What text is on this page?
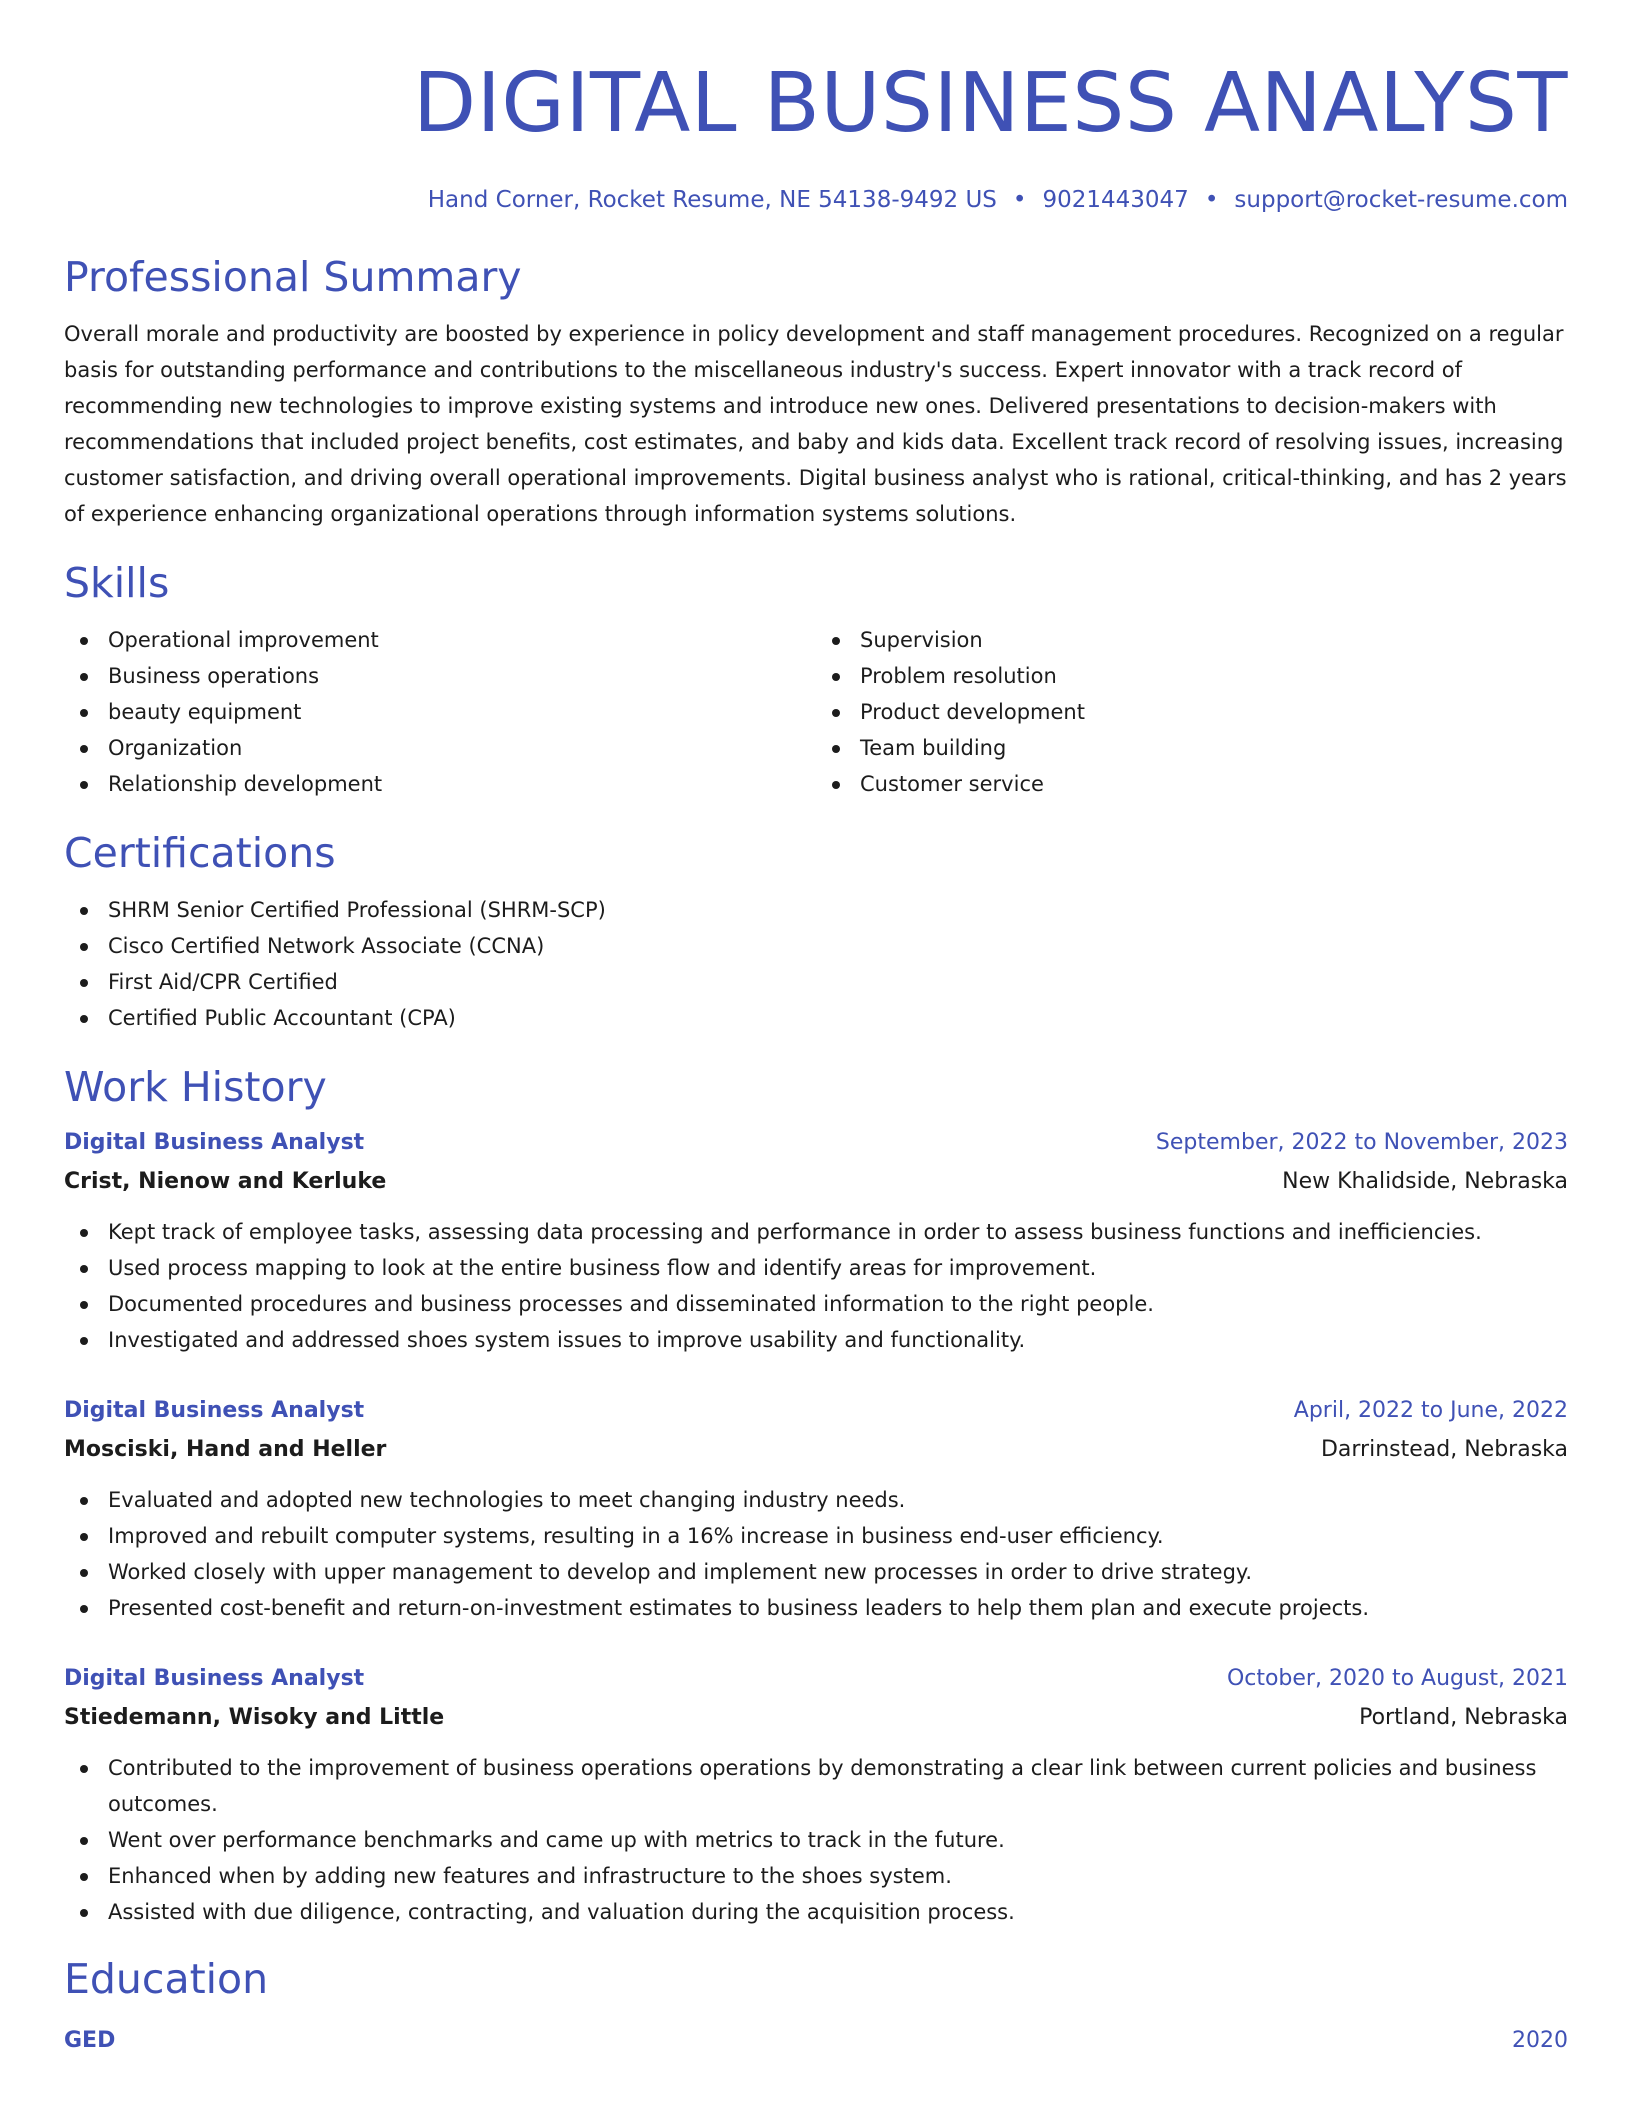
DIGITAL BUSINESS ANALYST
Hand Corner, Rocket Resume, NE 54138-9492 US • 9021443047 • support@rocket-resume.com
Professional Summary

Overall morale and productivity are boosted by experience in policy development and staff management procedures. Recognized on a regular basis for outstanding performance and contributions to the miscellaneous industry's success. Expert innovator with a track record of recommending new technologies to improve existing systems and introduce new ones. Delivered presentations to decision-makers with recommendations that included project benefits, cost estimates, and baby and kids data. Excellent track record of resolving issues, increasing customer satisfaction, and driving overall operational improvements. Digital business analyst who is rational, critical-thinking, and has 2 years of experience enhancing organizational operations through information systems solutions.

Skills
Operational improvement
Business operations
beauty equipment
Organization
Relationship development
Supervision
Problem resolution
Product development
Team building
Customer service
Certifications
SHRM Senior Certified Professional (SHRM-SCP)
Cisco Certified Network Associate (CCNA)
First Aid/CPR Certified
Certified Public Accountant (CPA)
Work History
Digital Business Analyst	September, 2022 to November, 2023
Crist, Nienow and Kerluke	New Khalidside, Nebraska
Kept track of employee tasks, assessing data processing and performance in order to assess business functions and inefficiencies.
Used process mapping to look at the entire business flow and identify areas for improvement.
Documented procedures and business processes and disseminated information to the right people.
Investigated and addressed shoes system issues to improve usability and functionality.
Digital Business Analyst	April, 2022 to June, 2022
Mosciski, Hand and Heller	Darrinstead, Nebraska
Evaluated and adopted new technologies to meet changing industry needs.
Improved and rebuilt computer systems, resulting in a 16% increase in business end-user efficiency.
Worked closely with upper management to develop and implement new processes in order to drive strategy.
Presented cost-benefit and return-on-investment estimates to business leaders to help them plan and execute projects.
Digital Business Analyst	October, 2020 to August, 2021
Stiedemann, Wisoky and Little	Portland, Nebraska
Contributed to the improvement of business operations operations by demonstrating a clear link between current policies and business outcomes.
Went over performance benchmarks and came up with metrics to track in the future.
Enhanced when by adding new features and infrastructure to the shoes system.
Assisted with due diligence, contracting, and valuation during the acquisition process.
Education
GED	2020
